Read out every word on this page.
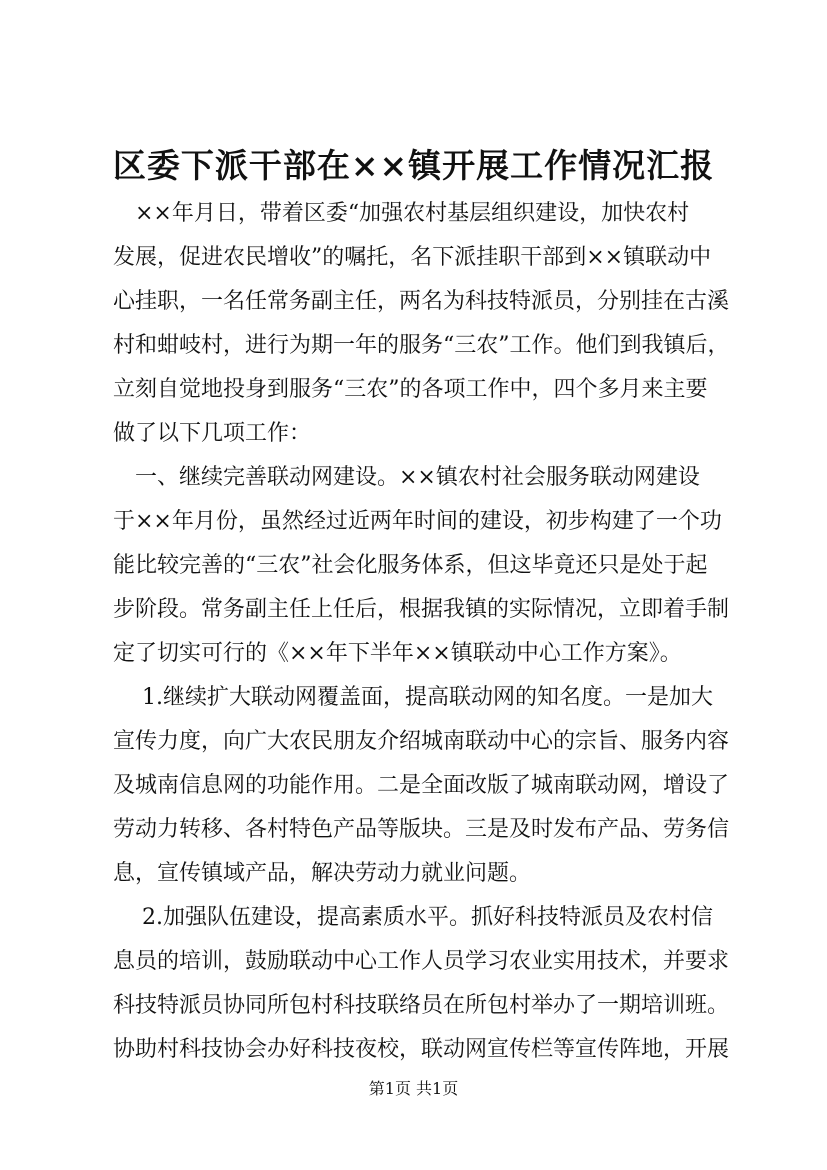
区委下派干部在××镇开展工作情况汇报
　××年月日，带着区委“加强农村基层组织建设，加快农村
发展，促进农民增收”的嘱托，名下派挂职干部到××镇联动中
心挂职，一名任常务副主任，两名为科技特派员，分别挂在古溪
村和蚶岐村，进行为期一年的服务“三农”工作。他们到我镇后，
立刻自觉地投身到服务“三农”的各项工作中，四个多月来主要
做了以下几项工作：
　一、继续完善联动网建设。××镇农村社会服务联动网建设
于××年月份，虽然经过近两年时间的建设，初步构建了一个功
能比较完善的“三农”社会化服务体系，但这毕竟还只是处于起
步阶段。常务副主任上任后，根据我镇的实际情况，立即着手制
定了切实可行的《××年下半年××镇联动中心工作方案》。
　 1.继续扩大联动网覆盖面，提高联动网的知名度。一是加大
宣传力度，向广大农民朋友介绍城南联动中心的宗旨、服务内容
及城南信息网的功能作用。二是全面改版了城南联动网，增设了
劳动力转移、各村特色产品等版块。三是及时发布产品、劳务信
息，宣传镇域产品，解决劳动力就业问题。
　 2.加强队伍建设，提高素质水平。抓好科技特派员及农村信
息员的培训，鼓励联动中心工作人员学习农业实用技术，并要求
科技特派员协同所包村科技联络员在所包村举办了一期培训班。
协助村科技协会办好科技夜校，联动网宣传栏等宣传阵地，开展
第1页 共1页
